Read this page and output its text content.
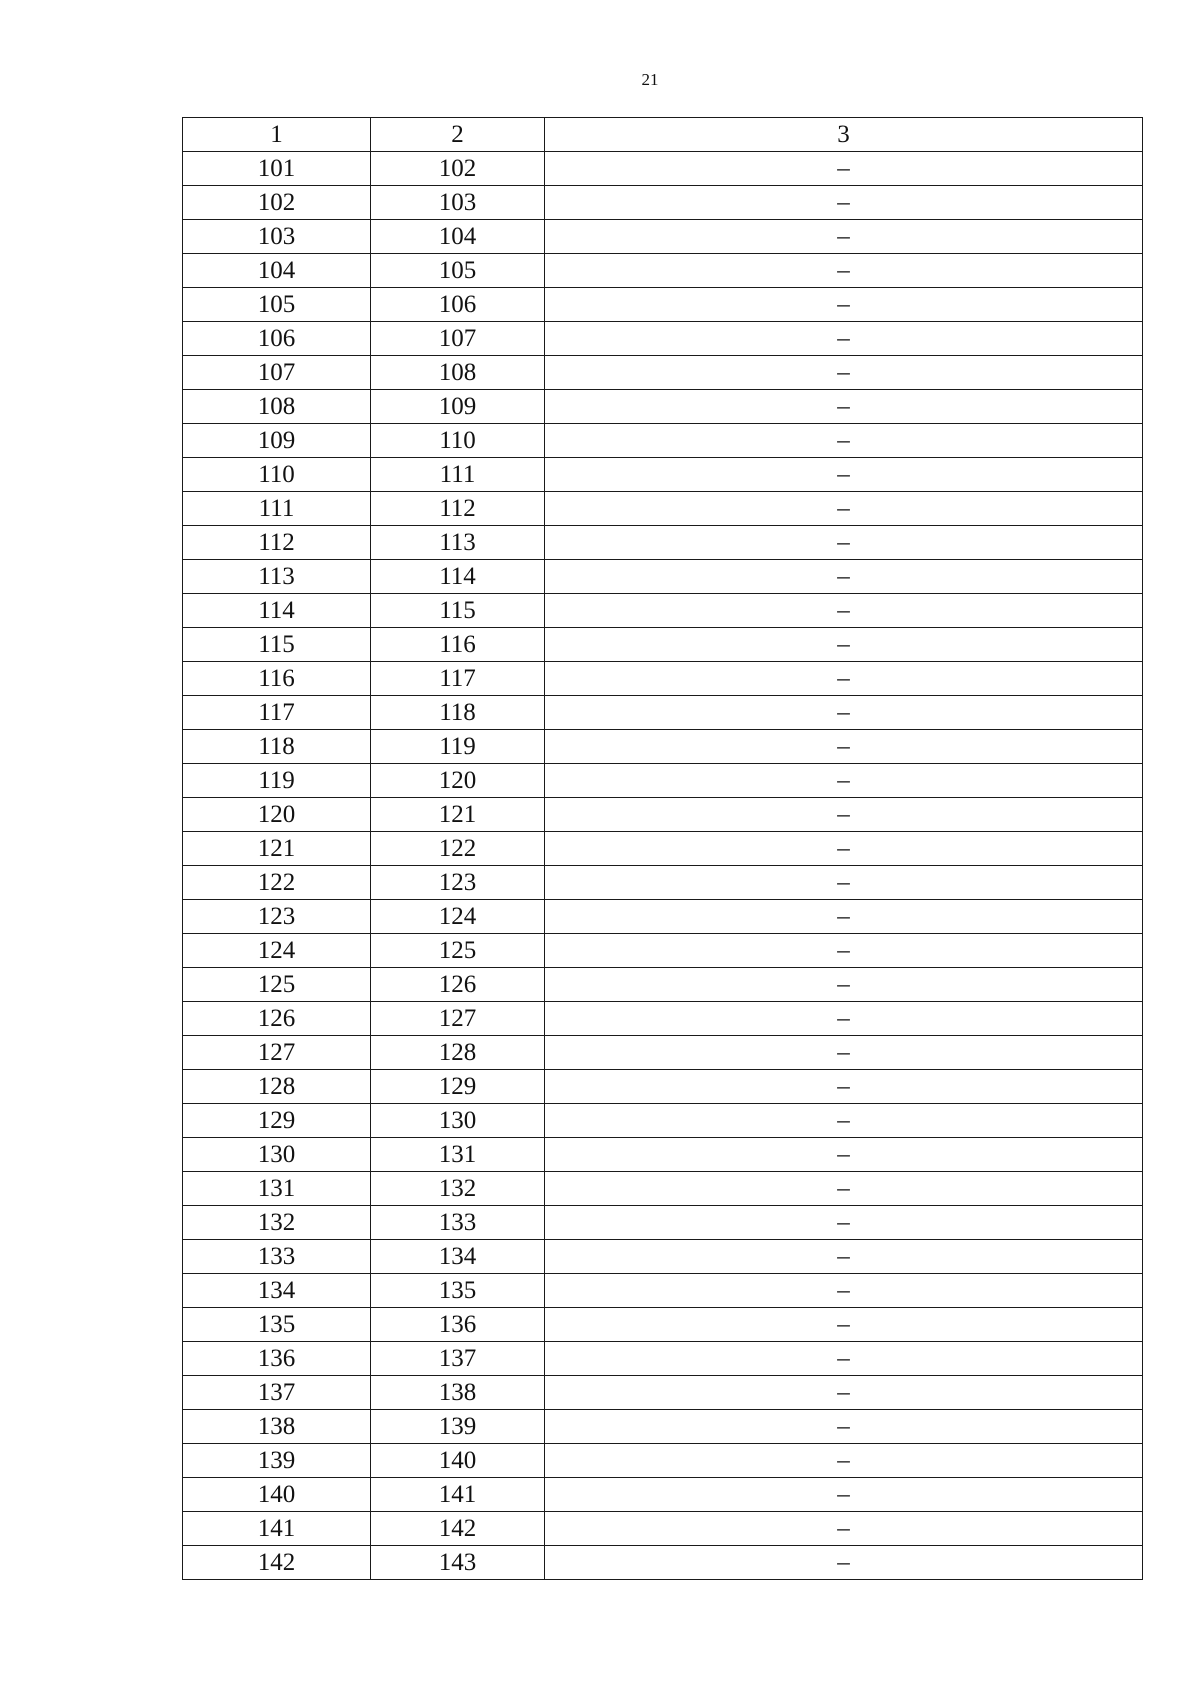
21
1	2	3
101	102	–
102	103	–
103	104	–
104	105	–
105	106	–
106	107	–
107	108	–
108	109	–
109	110	–
110	111	–
111	112	–
112	113	–
113	114	–
114	115	–
115	116	–
116	117	–
117	118	–
118	119	–
119	120	–
120	121	–
121	122	–
122	123	–
123	124	–
124	125	–
125	126	–
126	127	–
127	128	–
128	129	–
129	130	–
130	131	–
131	132	–
132	133	–
133	134	–
134	135	–
135	136	–
136	137	–
137	138	–
138	139	–
139	140	–
140	141	–
141	142	–
142	143	–
